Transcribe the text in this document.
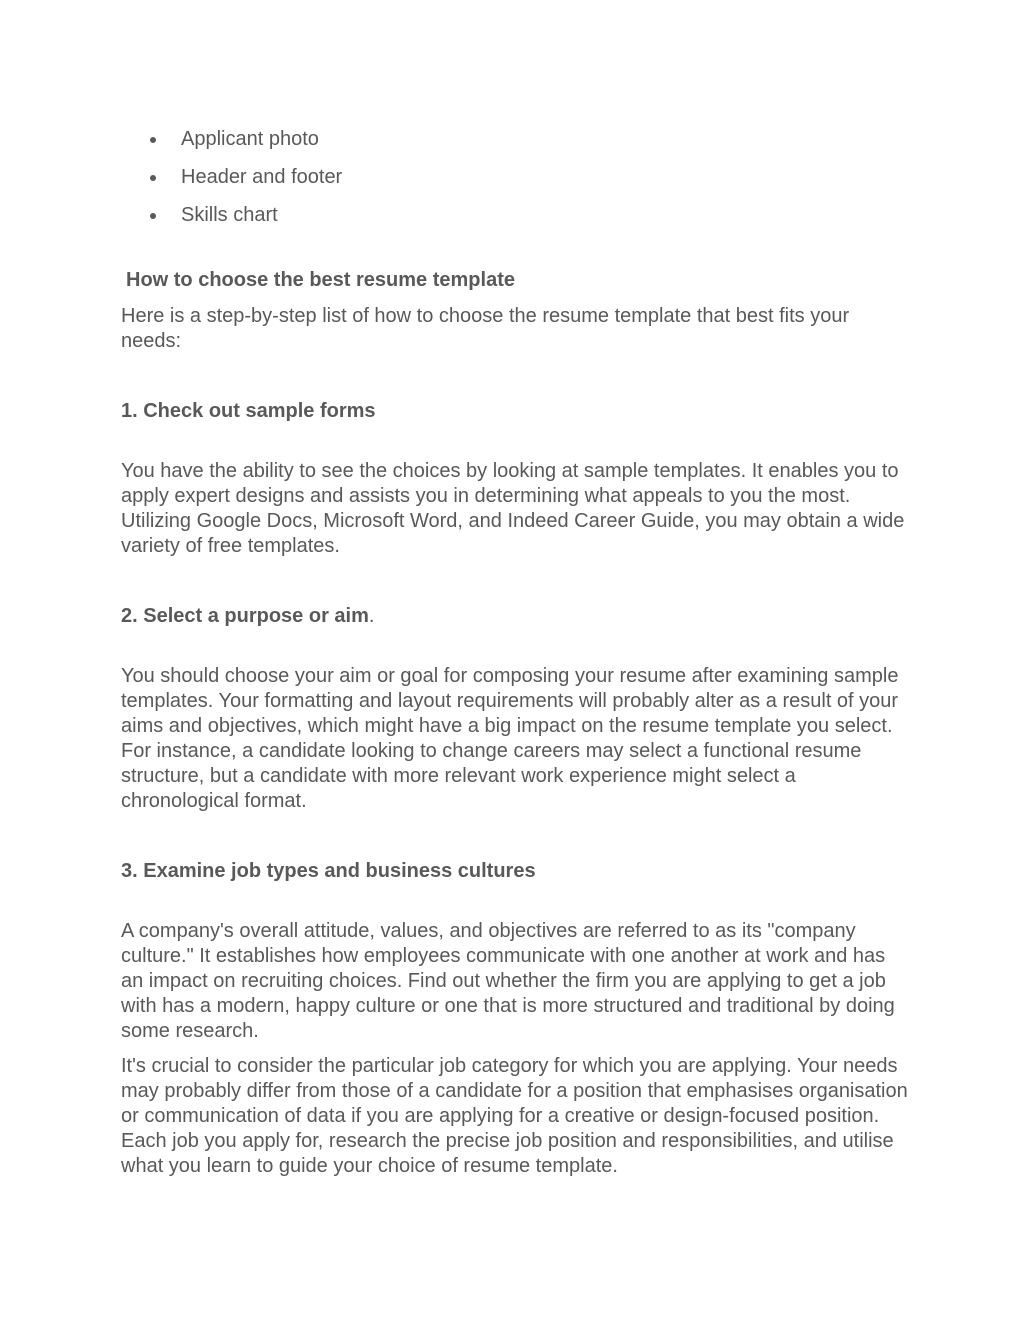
Applicant photo
Header and footer
Skills chart
How to choose the best resume template

Here is a step-by-step list of how to choose the resume template that best fits your needs:

1. Check out sample forms

You have the ability to see the choices by looking at sample templates. It enables you to apply expert designs and assists you in determining what appeals to you the most. Utilizing Google Docs, Microsoft Word, and Indeed Career Guide, you may obtain a wide variety of free templates.

2. Select a purpose or aim.

You should choose your aim or goal for composing your resume after examining sample templates. Your formatting and layout requirements will probably alter as a result of your aims and objectives, which might have a big impact on the resume template you select. For instance, a candidate looking to change careers may select a functional resume structure, but a candidate with more relevant work experience might select a chronological format.

3. Examine job types and business cultures

A company's overall attitude, values, and objectives are referred to as its "company culture." It establishes how employees communicate with one another at work and has an impact on recruiting choices. Find out whether the firm you are applying to get a job with has a modern, happy culture or one that is more structured and traditional by doing some research.

It's crucial to consider the particular job category for which you are applying. Your needs may probably differ from those of a candidate for a position that emphasises organisation or communication of data if you are applying for a creative or design-focused position. Each job you apply for, research the precise job position and responsibilities, and utilise what you learn to guide your choice of resume template.
